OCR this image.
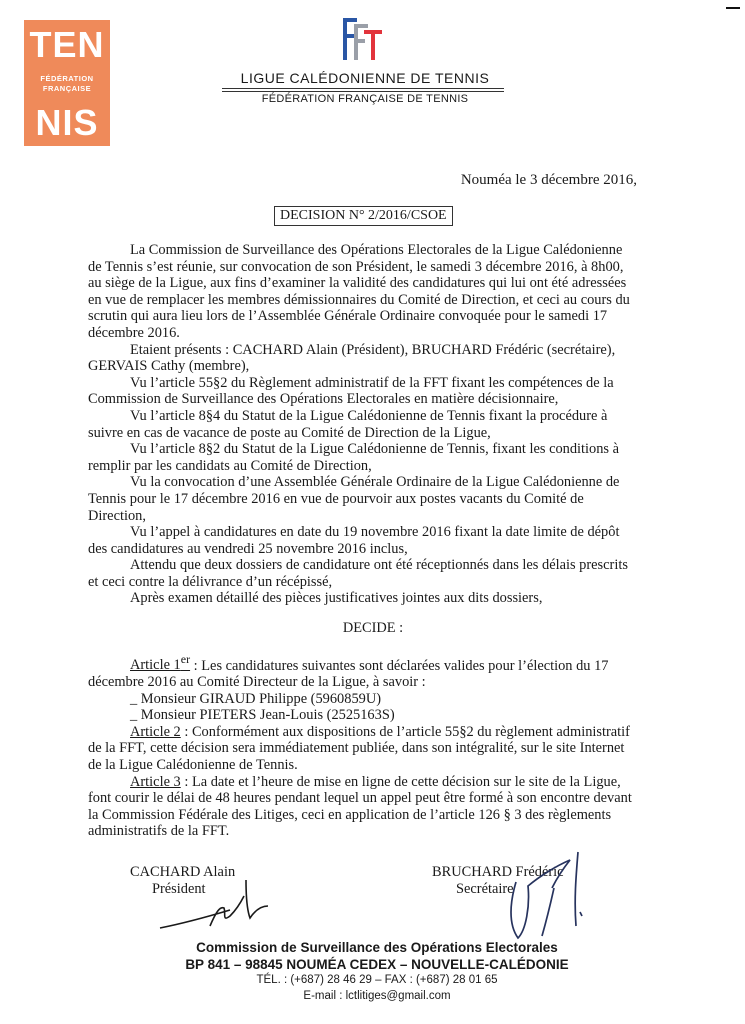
TEN
FÉDÉRATION
FRANÇAISE
NIS
LIGUE CALÉDONIENNE DE TENNIS
FÉDÉRATION FRANÇAISE DE TENNIS
Nouméa le 3 décembre 2016,
DECISION N° 2/2016/CSOE

La Commission de Surveillance des Opérations Electorales de la Ligue Calédonienne de Tennis s’est réunie, sur convocation de son Président, le samedi 3 décembre 2016, à 8h00, au siège de la Ligue, aux fins d’examiner la validité des candidatures qui lui ont été adressées en vue de remplacer les membres démissionnaires du Comité de Direction, et ceci au cours du scrutin qui aura lieu lors de l’Assemblée Générale Ordinaire convoquée pour le samedi 17 décembre 2016.

Etaient présents : CACHARD Alain (Président), BRUCHARD Frédéric (secrétaire), GERVAIS Cathy (membre),

Vu l’article 55§2 du Règlement administratif de la FFT fixant les compétences de la Commission de Surveillance des Opérations Electorales en matière décisionnaire,

Vu l’article 8§4 du Statut de la Ligue Calédonienne de Tennis fixant la procédure à suivre en cas de vacance de poste au Comité de Direction de la Ligue,

Vu l’article 8§2 du Statut de la Ligue Calédonienne de Tennis, fixant les conditions à remplir par les candidats au Comité de Direction,

Vu la convocation d’une Assemblée Générale Ordinaire de la Ligue Calédonienne de Tennis pour le 17 décembre 2016 en vue de pourvoir aux postes vacants du Comité de Direction,

Vu l’appel à candidatures en date du 19 novembre 2016 fixant la date limite de dépôt des candidatures au vendredi 25 novembre 2016 inclus,

Attendu que deux dossiers de candidature ont été réceptionnés dans les délais prescrits et ceci contre la délivrance d’un récépissé,

Après examen détaillé des pièces justificatives jointes aux dits dossiers,

DECIDE :

Article 1er : Les candidatures suivantes sont déclarées valides pour l’élection du 17 décembre 2016 au Comité Directeur de la Ligue, à savoir :

_ Monsieur GIRAUD Philippe (5960859U)

_ Monsieur PIETERS Jean-Louis (2525163S)

Article 2 : Conformément aux dispositions de l’article 55§2 du règlement administratif de la FFT, cette décision sera immédiatement publiée, dans son intégralité, sur le site Internet de la Ligue Calédonienne de Tennis.

Article 3 : La date et l’heure de mise en ligne de cette décision sur le site de la Ligue, font courir le délai de 48 heures pendant lequel un appel peut être formé à son encontre devant la Commission Fédérale des Litiges, ceci en application de l’article 126 § 3 des règlements administratifs de la FFT.

CACHARD Alain
Président
BRUCHARD Frédéric
Secrétaire
Commission de Surveillance des Opérations Electorales
BP 841 – 98845 NOUMÉA CEDEX – NOUVELLE-CALÉDONIE
TÉL. : (+687) 28 46 29 – FAX : (+687) 28 01 65
E-mail : lctlitiges@gmail.com
